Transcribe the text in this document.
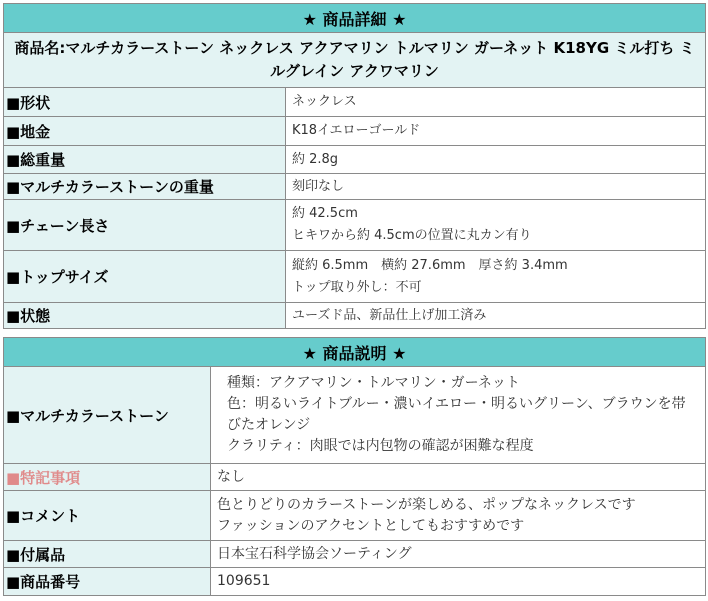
★ 商品詳細 ★	
商品名:マルチカラーストーン ネックレス アクアマリン トルマリン ガーネット K18YG ミル打ち ミルグレイン アクワマリン	
■形状	ネックレス

■地金	K18イエローゴールド

■総重量	約 2.8g

■マルチカラーストーンの重量	刻印なし

■チェーン長さ	約 42.5cm
ヒキワから約 4.5cmの位置に丸カン有り

■トップサイズ	縦約 6.5mm　横約 27.6mm　厚さ約 3.4mm
トップ取り外し：不可

■状態	ユーズド品、新品仕上げ加工済み
★ 商品説明 ★	
■マルチカラーストーン	種類：アクアマリン・トルマリン・ガーネット
色：明るいライトブルー・濃いイエロー・明るいグリーン、ブラウンを帯びたオレンジ
クラリティ：肉眼では内包物の確認が困難な程度

■特記事項	なし

■コメント	色とりどりのカラーストーンが楽しめる、ポップなネックレスです
ファッションのアクセントとしてもおすすめです

■付属品	日本宝石科学協会ソーティング

■商品番号	109651
